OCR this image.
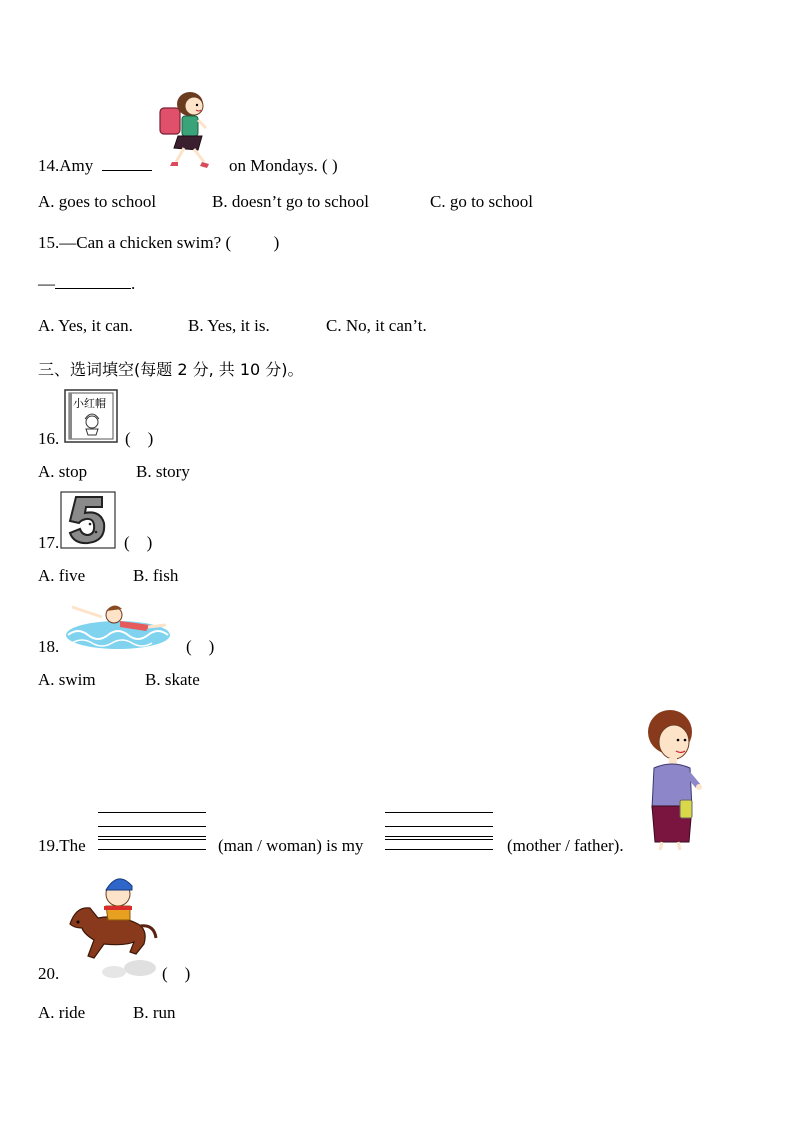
14.Amy	on Mondays. ( )
A. goes to school	B. doesn’t go to school	C. go to school
15.—Can a chicken swim? (          )
—	.
A. Yes, it can.	B. Yes, it is.	C. No, it can’t.
三、选词填空(每题 2 分, 共 10 分)。
16.
小红帽
(    )
A. stop	B. story
17.	(    )
A. five	B. fish
18.	(    )
A. swim	B. skate
19.The	(man / woman) is my	(mother / father).
20.	(    )
A. ride	B. run
